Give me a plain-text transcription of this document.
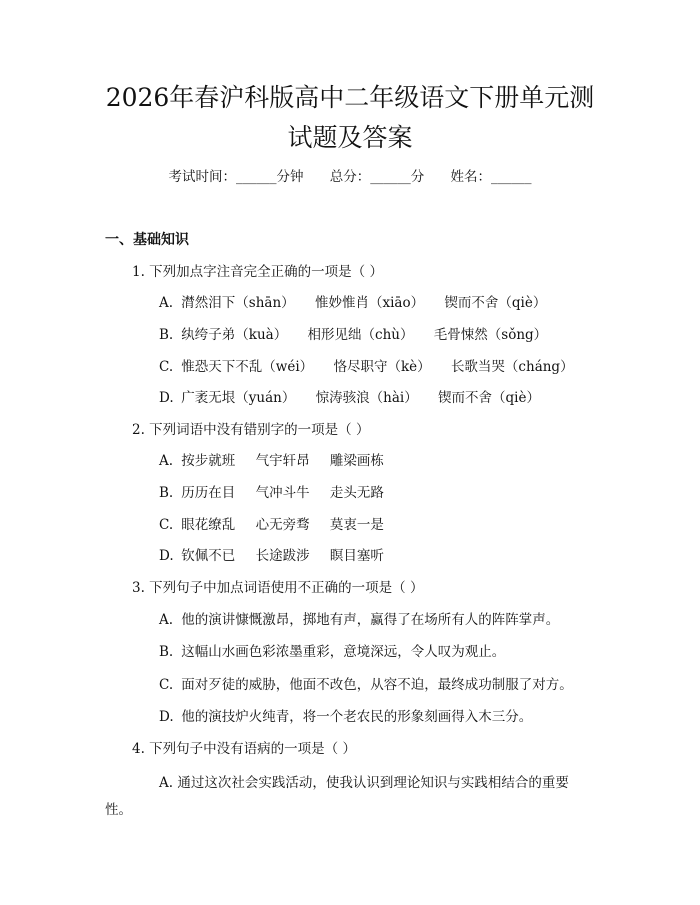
2026年春沪科版高中二年级语文下册单元测
试题及答案
考试时间：______分钟 总分：______分 姓名：______
一、基础知识
1. 下列加点字注音完全正确的一项是（ ）
A. 潸然泪下（shān） 惟妙惟肖（xiāo） 锲而不舍（qiè）
B. 纨绔子弟（kuà） 相形见绌（chù） 毛骨悚然（sǒng）
C. 惟恐天下不乱（wéi） 恪尽职守（kè） 长歌当哭（cháng）
D. 广袤无垠（yuán） 惊涛骇浪（hài） 锲而不舍（qiè）
2. 下列词语中没有错别字的一项是（ ）
A. 按步就班 气宇轩昂 雕梁画栋
B. 历历在目 气冲斗牛 走头无路
C. 眼花缭乱 心无旁骛 莫衷一是
D. 钦佩不已 长途跋涉 瞑目塞听
3. 下列句子中加点词语使用不正确的一项是（ ）
A. 他的演讲慷慨激昂，掷地有声，赢得了在场所有人的阵阵掌声。
B. 这幅山水画色彩浓墨重彩，意境深远，令人叹为观止。
C. 面对歹徒的威胁，他面不改色，从容不迫，最终成功制服了对方。
D. 他的演技炉火纯青，将一个老农民的形象刻画得入木三分。
4. 下列句子中没有语病的一项是（ ）
A. 通过这次社会实践活动，使我认识到理论知识与实践相结合的重要
性。
